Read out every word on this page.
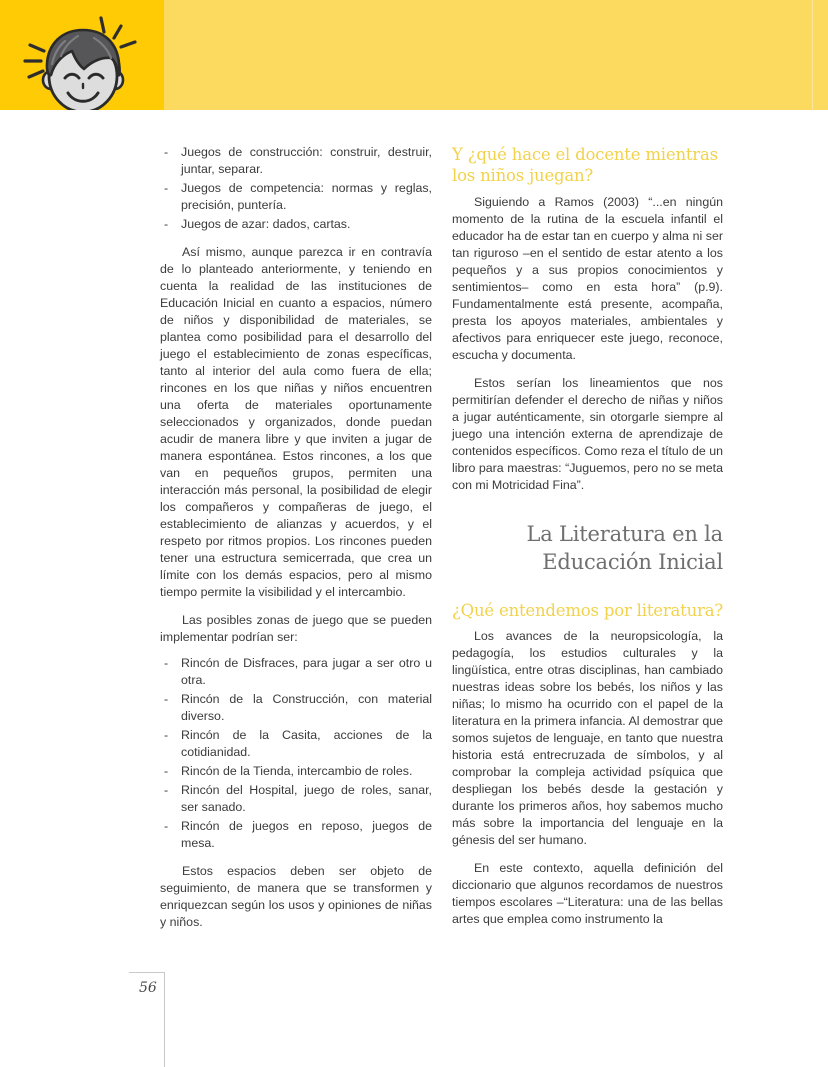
- Juegos de construcción: construir, destruir, juntar, separar.
- Juegos de competencia: normas y reglas, precisión, puntería.
- Juegos de azar: dados, cartas.

Así mismo, aunque parezca ir en contravía de lo planteado anteriormente, y teniendo en cuenta la realidad de las instituciones de Educación Inicial en cuanto a espacios, número de niños y disponibilidad de materiales, se plantea como posibilidad para el desarrollo del juego el establecimiento de zonas específicas, tanto al interior del aula como fuera de ella; rincones en los que niñas y niños encuentren una oferta de materiales oportunamente seleccionados y organizados, donde puedan acudir de manera libre y que inviten a jugar de manera espontánea. Estos rincones, a los que van en pequeños grupos, permiten una interacción más personal, la posibilidad de elegir los compañeros y compañeras de juego, el establecimiento de alianzas y acuerdos, y el respeto por ritmos propios. Los rincones pueden tener una estructura semicerrada, que crea un límite con los demás espacios, pero al mismo tiempo permite la visibilidad y el intercambio.

Las posibles zonas de juego que se pueden implementar podrían ser:

- Rincón de Disfraces, para jugar a ser otro u otra.
- Rincón de la Construcción, con material diverso.
- Rincón de la Casita, acciones de la cotidianidad.
- Rincón de la Tienda, intercambio de roles.
- Rincón del Hospital, juego de roles, sanar, ser sanado.
- Rincón de juegos en reposo, juegos de mesa.

Estos espacios deben ser objeto de seguimiento, de manera que se transformen y enriquezcan según los usos y opiniones de niñas y niños.

Y ¿qué hace el docente mientras los niños juegan?

Siguiendo a Ramos (2003) “...en ningún momento de la rutina de la escuela infantil el educador ha de estar tan en cuerpo y alma ni ser tan riguroso –en el sentido de estar atento a los pequeños y a sus propios conocimientos y sentimientos– como en esta hora” (p.9). Fundamentalmente está presente, acompaña, presta los apoyos materiales, ambientales y afectivos para enriquecer este juego, reconoce, escucha y documenta.

Estos serían los lineamientos que nos permitirían defender el derecho de niñas y niños a jugar auténticamente, sin otorgarle siempre al juego una intención externa de aprendizaje de contenidos específicos. Como reza el título de un libro para maestras: “Juguemos, pero no se meta con mi Motricidad Fina”.

La Literatura en la Educación Inicial
¿Qué entendemos por literatura?

Los avances de la neuropsicología, la pedagogía, los estudios culturales y la lingüística, entre otras disciplinas, han cambiado nuestras ideas sobre los bebés, los niños y las niñas; lo mismo ha ocurrido con el papel de la literatura en la primera infancia. Al demostrar que somos sujetos de lenguaje, en tanto que nuestra historia está entrecruzada de símbolos, y al comprobar la compleja actividad psíquica que despliegan los bebés desde la gestación y durante los primeros años, hoy sabemos mucho más sobre la importancia del lenguaje en la génesis del ser humano.

En este contexto, aquella definición del diccionario que algunos recordamos de nuestros tiempos escolares –“Literatura: una de las bellas artes que emplea como instrumento la

56
